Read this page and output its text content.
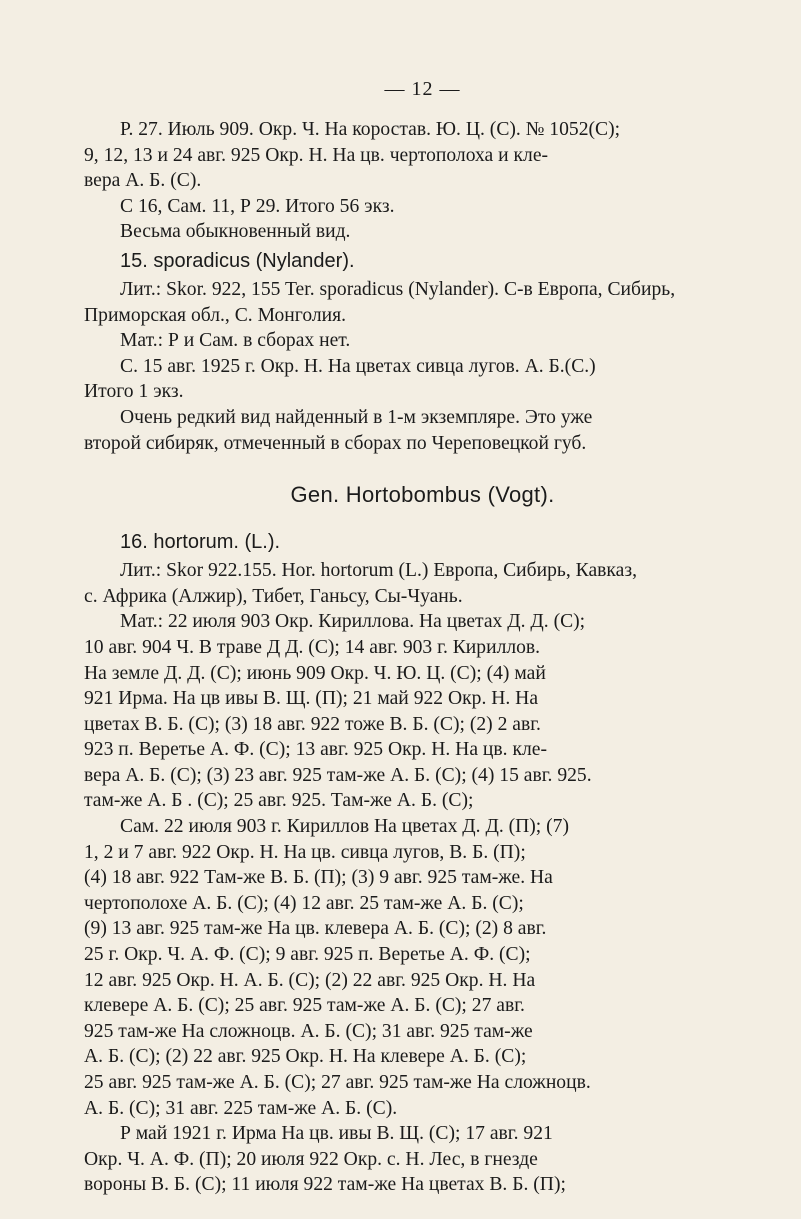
— 12 —
Р. 27. Июль 909. Окр. Ч. На коростав. Ю. Ц. (С). № 1052(С);
9, 12, 13 и 24 авг. 925 Окр. Н. На цв. чертополоха и кле-
вера А. Б. (С).
С 16, Сам. 11, Р 29. Итого 56 экз.
Весьма обыкновенный вид.
15. sporadicus (Nylander).
Лит.: Skor. 922, 155 Ter. sporadicus (Nylander). С-в Европа, Сибирь,
Приморская обл., С. Монголия.
Мат.: Р и Сам. в сборах нет.
С. 15 авг. 1925 г. Окр. Н. На цветах сивца лугов. А. Б.(С.)
Итого 1 экз.
Очень редкий вид найденный в 1-м экземпляре. Это уже
второй сибиряк, отмеченный в сборах по Череповецкой губ.
Gen. Hortobombus (Vogt).
16. hortorum. (L.).
Лит.: Skor 922.155. Hor. hortorum (L.) Европа, Сибирь, Кавказ,
с. Африка (Алжир), Тибет, Ганьсу, Сы-Чуань.
Мат.: 22 июля 903 Окр. Кириллова. На цветах Д. Д. (С);
10 авг. 904 Ч. В траве Д Д. (С); 14 авг. 903 г. Кириллов.
На земле Д. Д. (С); июнь 909 Окр. Ч. Ю. Ц. (С); (4) май
921 Ирма. На цв ивы В. Щ. (П); 21 май 922 Окр. Н. На
цветах В. Б. (С); (3) 18 авг. 922 тоже В. Б. (С); (2) 2 авг.
923 п. Веретье А. Ф. (С); 13 авг. 925 Окр. Н. На цв. кле-
вера А. Б. (С); (3) 23 авг. 925 там-же А. Б. (С); (4) 15 авг. 925.
там-же А. Б . (С); 25 авг. 925. Там-же А. Б. (С);
Сам. 22 июля 903 г. Кириллов На цветах Д. Д. (П); (7)
1, 2 и 7 авг. 922 Окр. Н. На цв. сивца лугов, В. Б. (П);
(4) 18 авг. 922 Там-же В. Б. (П); (3) 9 авг. 925 там-же. На
чертополохе А. Б. (С); (4) 12 авг. 25 там-же А. Б. (С);
(9) 13 авг. 925 там-же На цв. клевера А. Б. (С); (2) 8 авг.
25 г. Окр. Ч. А. Ф. (С); 9 авг. 925 п. Веретье А. Ф. (С);
12 авг. 925 Окр. Н. А. Б. (С); (2) 22 авг. 925 Окр. Н. На
клевере А. Б. (С); 25 авг. 925 там-же А. Б. (С); 27 авг.
925 там-же На сложноцв. А. Б. (С); 31 авг. 925 там-же
А. Б. (С); (2) 22 авг. 925 Окр. Н. На клевере А. Б. (С);
25 авг. 925 там-же А. Б. (С); 27 авг. 925 там-же На сложноцв.
А. Б. (С); 31 авг. 225 там-же А. Б. (С).
Р май 1921 г. Ирма На цв. ивы В. Щ. (С); 17 авг. 921
Окр. Ч. А. Ф. (П); 20 июля 922 Окр. с. Н. Лес, в гнезде
вороны В. Б. (С); 11 июля 922 там-же На цветах В. Б. (П);
